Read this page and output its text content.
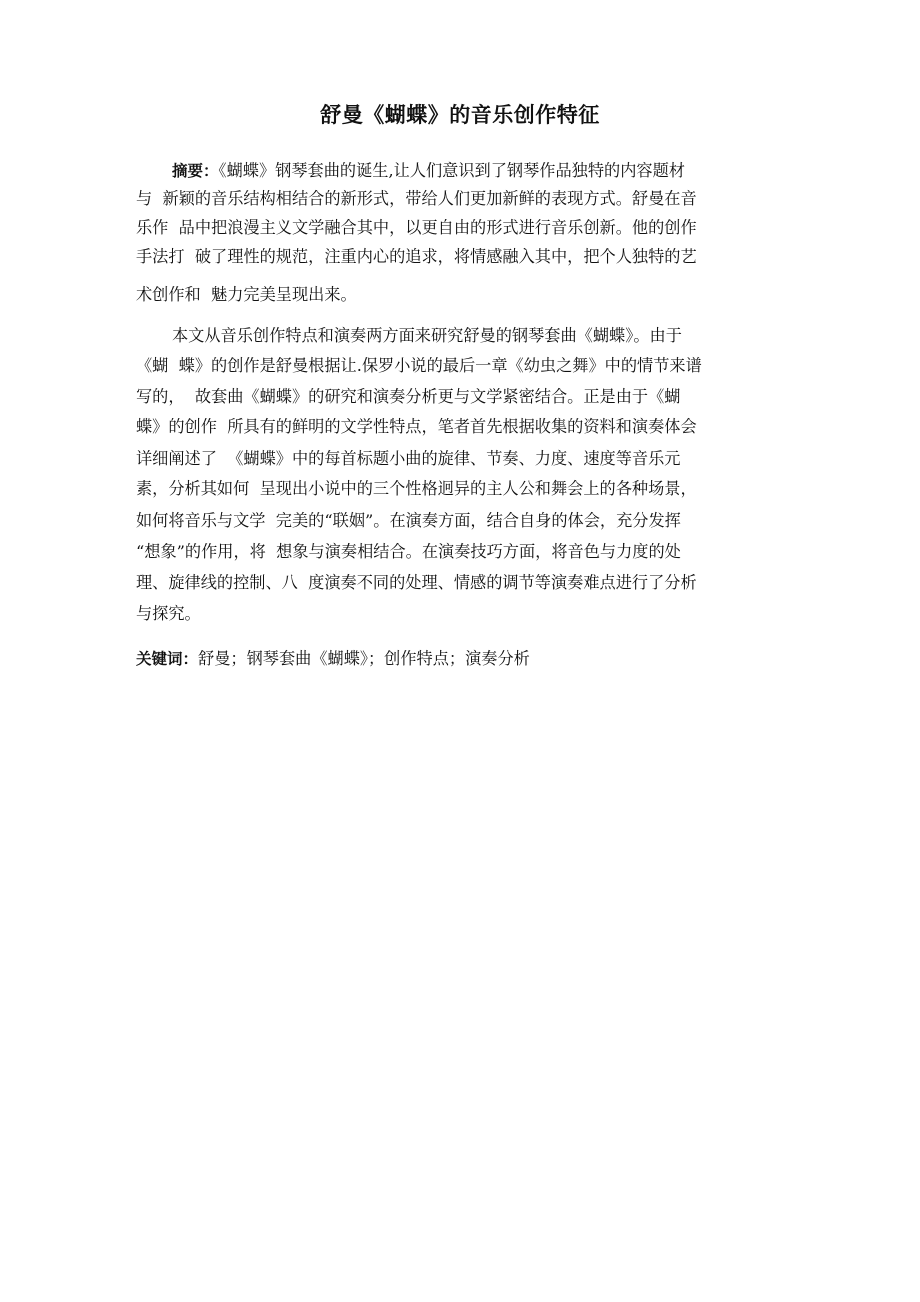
舒曼《蝴蝶》的音乐创作特征
摘要：《蝴蝶》钢琴套曲的诞生,让人们意识到了钢琴作品独特的内容题材
与  新颖的音乐结构相结合的新形式，带给人们更加新鲜的表现方式。舒曼在音
乐作  品中把浪漫主义文学融合其中，以更自由的形式进行音乐创新。他的创作
手法打  破了理性的规范，注重内心的追求，将情感融入其中，把个人独特的艺
术创作和  魅力完美呈现出来。
本文从音乐创作特点和演奏两方面来研究舒曼的钢琴套曲《蝴蝶》。由于
《蝴  蝶》的创作是舒曼根据让.保罗小说的最后一章《幼虫之舞》中的情节来谱
写的，  故套曲《蝴蝶》的研究和演奏分析更与文学紧密结合。正是由于《蝴
蝶》的创作  所具有的鲜明的文学性特点，笔者首先根据收集的资料和演奏体会
详细阐述了  《蝴蝶》中的每首标题小曲的旋律、节奏、力度、速度等音乐元
素，分析其如何  呈现出小说中的三个性格迥异的主人公和舞会上的各种场景，
如何将音乐与文学  完美的“联姻”。在演奏方面，结合自身的体会，充分发挥
“想象”的作用，将  想象与演奏相结合。在演奏技巧方面，将音色与力度的处
理、旋律线的控制、八  度演奏不同的处理、情感的调节等演奏难点进行了分析
与探究。
关键词：舒曼；钢琴套曲《蝴蝶》；创作特点；演奏分析
